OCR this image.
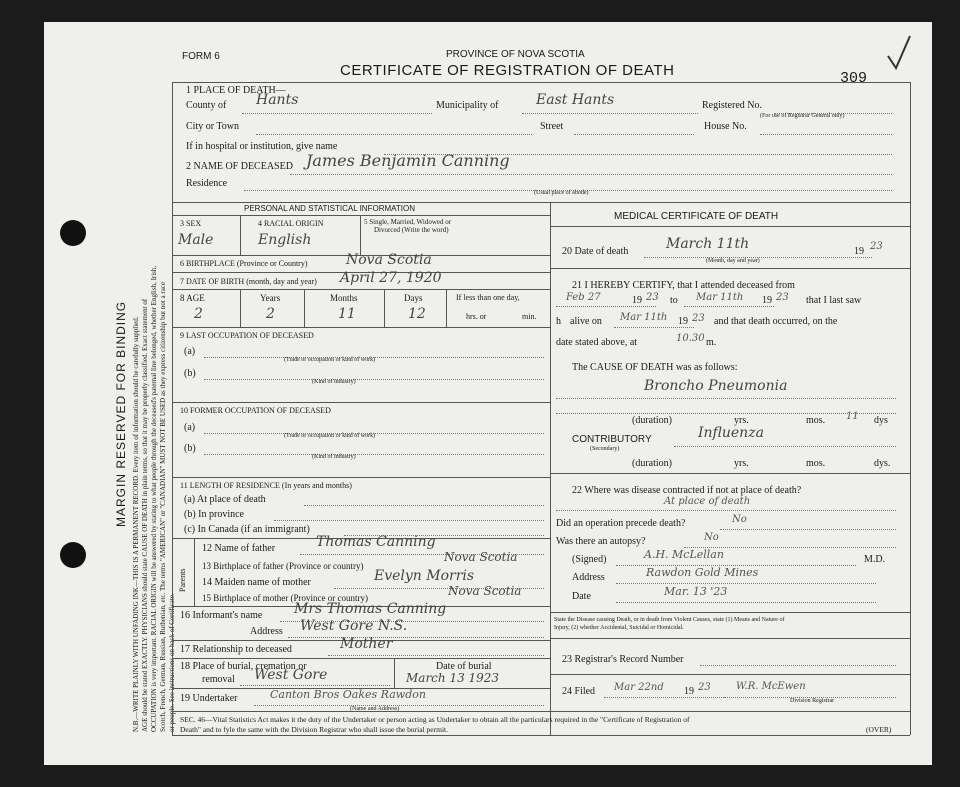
MARGIN RESERVED FOR BINDING N.B.—WRITE PLAINLY WITH UNFADING INK—THIS IS A PERMANENT RECORD. Every item of information should be carefully supplied. AGE should be stated EXACTLY. PHYSICIANS should state CAUSE OF DEATH in plain terms, so that it may be properly classified. Exact statement of OCCUPATION is very important. RACIAL ORIGIN will be answered by stating to what people through the deceased's paternal line belonged, whether English, Irish, Scotch, French, German, Russian, Ruthenian, etc. The terms "AMERICAN" or "CANADIAN" MUST NOT BE USED as they express citizenship but not a race or people. See instructions on back of Certificate.
FORM 6	PROVINCE OF NOVA SCOTIA
CERTIFICATE OF REGISTRATION OF DEATH	309
1 PLACE OF DEATH—
County of Hants	Municipality of	East Hants	Registered No.
(For use of Registrar General only)
City or Town	Street	House No.
If in hospital or institution, give name
2 NAME OF DECEASED James Benjamin Canning
Residence
(Usual place of abode)
PERSONAL AND STATISTICAL INFORMATION
3 SEX	4 RACIAL ORIGIN	5 Single, Married, Widowed or
Divorced (Write the word)
Male	English
6 BIRTHPLACE (Province or Country)	Nova Scotia
7 DATE OF BIRTH (month, day and year) April 27, 1920
8 AGE	Years	Months	Days	If less than one day,
hrs. or	min.
2	2	11	12
9 LAST OCCUPATION OF DECEASED
(a)
(Trade or occupation or kind of work)
(b)
(Kind of industry)
10 FORMER OCCUPATION OF DECEASED
(a)
(Trade or occupation or kind of work)
(b)
(Kind of industry)
11 LENGTH OF RESIDENCE (In years and months)
(a) At place of death
(b) In province
(c) In Canada (if an immigrant)
Parents
12 Name of father	Thomas Canning
13 Birthplace of father (Province or country)
Nova Scotia
14 Maiden name of mother	Evelyn Morris
15 Birthplace of mother (Province or country)	Nova Scotia
16 Informant's name Mrs Thomas Canning
Address West Gore N.S.
17 Relationship to deceased	Mother
18 Place of burial, cremation or
removal West Gore
Date of burial
March 13 1923
19 Undertaker	Canton Bros Oakes Rawdon
(Name and Address)
MEDICAL CERTIFICATE OF DEATH
20 Date of death	March 11th	19 23
(Month, day and year)
21 I HEREBY CERTIFY, that I attended deceased from
Feb 27	19 23 to Mar 11th 19 23 that I last saw
h alive on Mar 11th 19 23 and that death occurred, on the
date stated above, at	10.30 m.
The CAUSE OF DEATH was as follows:
Broncho Pneumonia
(duration)	yrs.	mos. 11 dys
CONTRIBUTORY
(Secondary)
Influenza
(duration)	yrs.	mos.	dys.
22 Where was disease contracted if not at place of death?
At place of death
Did an operation precede death?	No
Was there an autopsy?	No
(Signed)	A.H. McLellan	M.D.
Address	Rawdon Gold Mines
Date	Mar. 13 '23
State the Disease causing Death, or in death from Violent Causes, state (1) Means and Nature of
Injury, (2) whether Accidental, Suicidal or Homicidal.
23 Registrar's Record Number
24 Filed Mar 22nd 19 23	W.R. McEwen
Division Registrar
SEC. 46—Vital Statistics Act makes it the duty of the Undertaker or person acting as Undertaker to obtain all the particulars required in the "Certificate of Registration of
Death" and to fyle the same with the Division Registrar who shall issue the burial permit.	(OVER)
